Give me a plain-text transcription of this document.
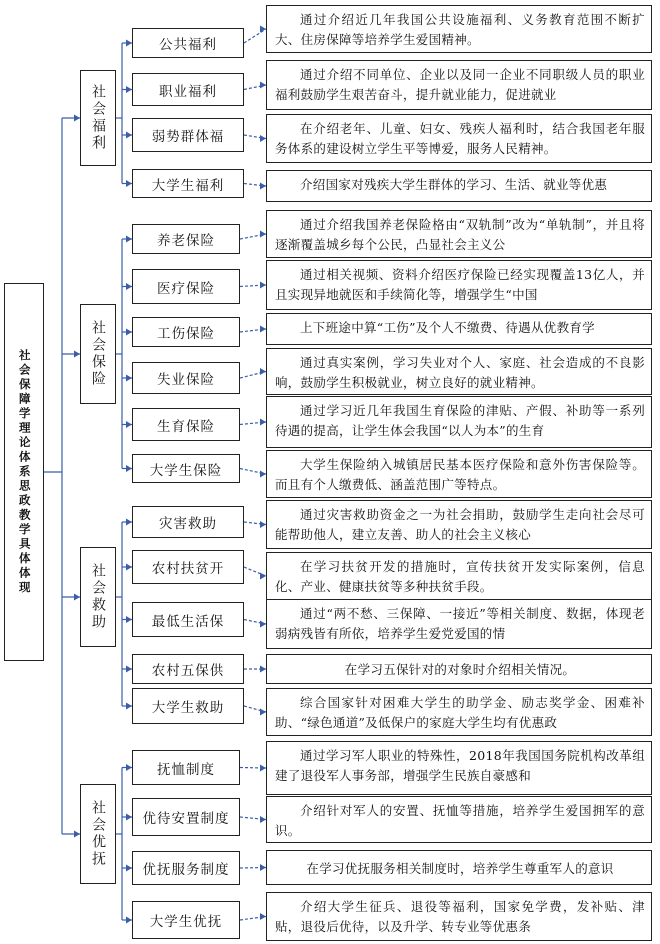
社会保障学理论体系思政教学具体体现
社会福利
公共福利
通过介绍近几年我国公共设施福利、义务教育范围不断扩大、住房保障等培养学生爱国精神。
职业福利
通过介绍不同单位、企业以及同一企业不同职级人员的职业福利鼓励学生艰苦奋斗，提升就业能力，促进就业
弱势群体福
在介绍老年、儿童、妇女、残疾人福利时，结合我国老年服务体系的建设树立学生平等博爱，服务人民精神。
大学生福利	介绍国家对残疾大学生群体的学习、生活、就业等优惠
社会保险
养老保险
通过介绍我国养老保险格由“双轨制”改为“单轨制”，并且将逐渐覆盖城乡每个公民，凸显社会主义公
医疗保险
通过相关视频、资料介绍医疗保险已经实现覆盖13亿人，并且实现异地就医和手续简化等，增强学生“中国
工伤保险	上下班途中算“工伤”及个人不缴费、待遇从优教育学
失业保险
通过真实案例，学习失业对个人、家庭、社会造成的不良影响，鼓励学生积极就业，树立良好的就业精神。
生育保险
通过学习近几年我国生育保险的津贴、产假、补助等一系列待遇的提高，让学生体会我国“以人为本”的生育
大学生保险	大学生保险纳入城镇居民基本医疗保险和意外伤害保险等。而且有个人缴费低、涵盖范围广等特点。
社会救助
灾害救助
通过灾害救助资金之一为社会捐助，鼓励学生走向社会尽可能帮助他人，建立友善、助人的社会主义核心
农村扶贫开	在学习扶贫开发的措施时，宣传扶贫开发实际案例，信息化、产业、健康扶贫等多种扶贫手段。
最低生活保	通过“两不愁、三保障、一接近”等相关制度、数据，体现老弱病残皆有所依，培养学生爱党爱国的情
农村五保供	在学习五保针对的对象时介绍相关情况。
大学生救助	综合国家针对困难大学生的助学金、励志奖学金、困难补助、“绿色通道”及低保户的家庭大学生均有优惠政
社会优抚
抚恤制度
通过学习军人职业的特殊性，2018年我国国务院机构改革组建了退役军人事务部，增强学生民族自豪感和
优待安置制度
介绍针对军人的安置、抚恤等措施，培养学生爱国拥军的意识。
优抚服务制度	在学习优抚服务相关制度时，培养学生尊重军人的意识
大学生优抚
介绍大学生征兵、退役等福利，国家免学费，发补贴、津贴，退役后优待，以及升学、转专业等优惠条
